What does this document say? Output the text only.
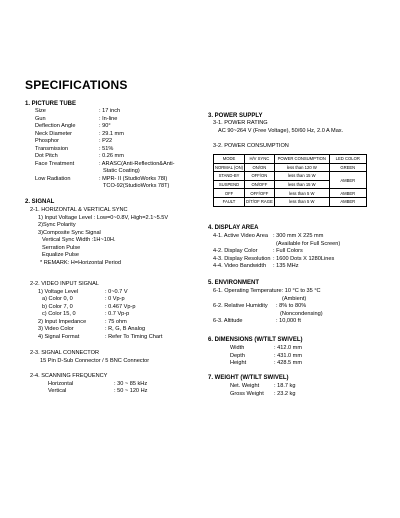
SPECIFICATIONS
1. PICTURE TUBE
Size	: 17 inch
Gun	: In-line
Deflection Angle	: 90°
Neck Diameter	: 29.1 mm
Phosphor	: P22
Transmission	: 51%
Dot Pitch	: 0.26 mm
Face Treatment	: ARASC(Anti-Reflection&Anti-
Static Coating)
Low Radiation	: MPR- II (StudioWorks 78I)
TCO-92(StudioWorks 78T)
2. SIGNAL
2-1. HORIZONTAL & VERTICAL SYNC
1) Input Voltage Level : Low=0~0.8V, High=2.1~5.5V
2)Sync Polarity
3)Composite Sync Signal
Vertical Sync Width :1H~10H.
Serration Pulse
Equalize Pulse
* REMARK: H=Horizontal Period
2-2. VIDEO INPUT SIGNAL
1) Voltage Level	: 0~0.7 V
a) Color 0, 0	: 0 Vp-p
b) Color 7, 0	: 0.467 Vp-p
c) Color 15, 0	: 0.7 Vp-p
2) Input Impedance	: 75 ohm
3) Video Color	: R, G, B Analog
4) Signal Format	: Refer To Timing Chart
2-3. SIGNAL CONNECTOR
15 Pin D-Sub Connector / 5 BNC Connector
2-4. SCANNING FREQUENCY
Horizontal	: 30 ~ 85 kHz
Vertical	: 50 ~ 120 Hz
3. POWER SUPPLY
3-1. POWER RATING
AC 90~264 V (Free Voltage), 50/60 Hz, 2.0 A Max.
3-2. POWER CONSUMPTION
MODE	H/V SYNC	POWER CONSUMPTION	LED COLOR
NORMAL (ON)	ON/ON	less than 120 W	GREEN
STAND-BY	OFF/ON	less than 15 W	AMBER
SUSPEND	ON/OFF	less than 15 W	
OFF	OFF/OFF	less than 5 W	AMBER
FAULT	D/T/OF RAGE	less than 5 W	AMBER
4. DISPLAY AREA
4-1. Active Video Area : 300 mm X 225 mm
(Available for Full Screen)
4-2. Display Color	: Full Colors
4-3. Display Resolution : 1600 Dots X 1280Lines
4-4. Video Bandwidth : 135 MHz
5. ENVIRONMENT
6-1. Operating Temperature: 10 °C to 35 °C
(Ambient)
6-2. Relative Humidity : 8% to 80%
(Noncondensing)
6-3. Altitude	: 10,000 ft
6. DIMENSIONS (W/TILT SWIVEL)
Width	: 412.0 mm
Depth	: 431.0 mm
Height	: 428.5 mm
7. WEIGHT (W/TILT SWIVEL)
Net. Weight	: 18.7 kg
Gross Weight : 23.2 kg
